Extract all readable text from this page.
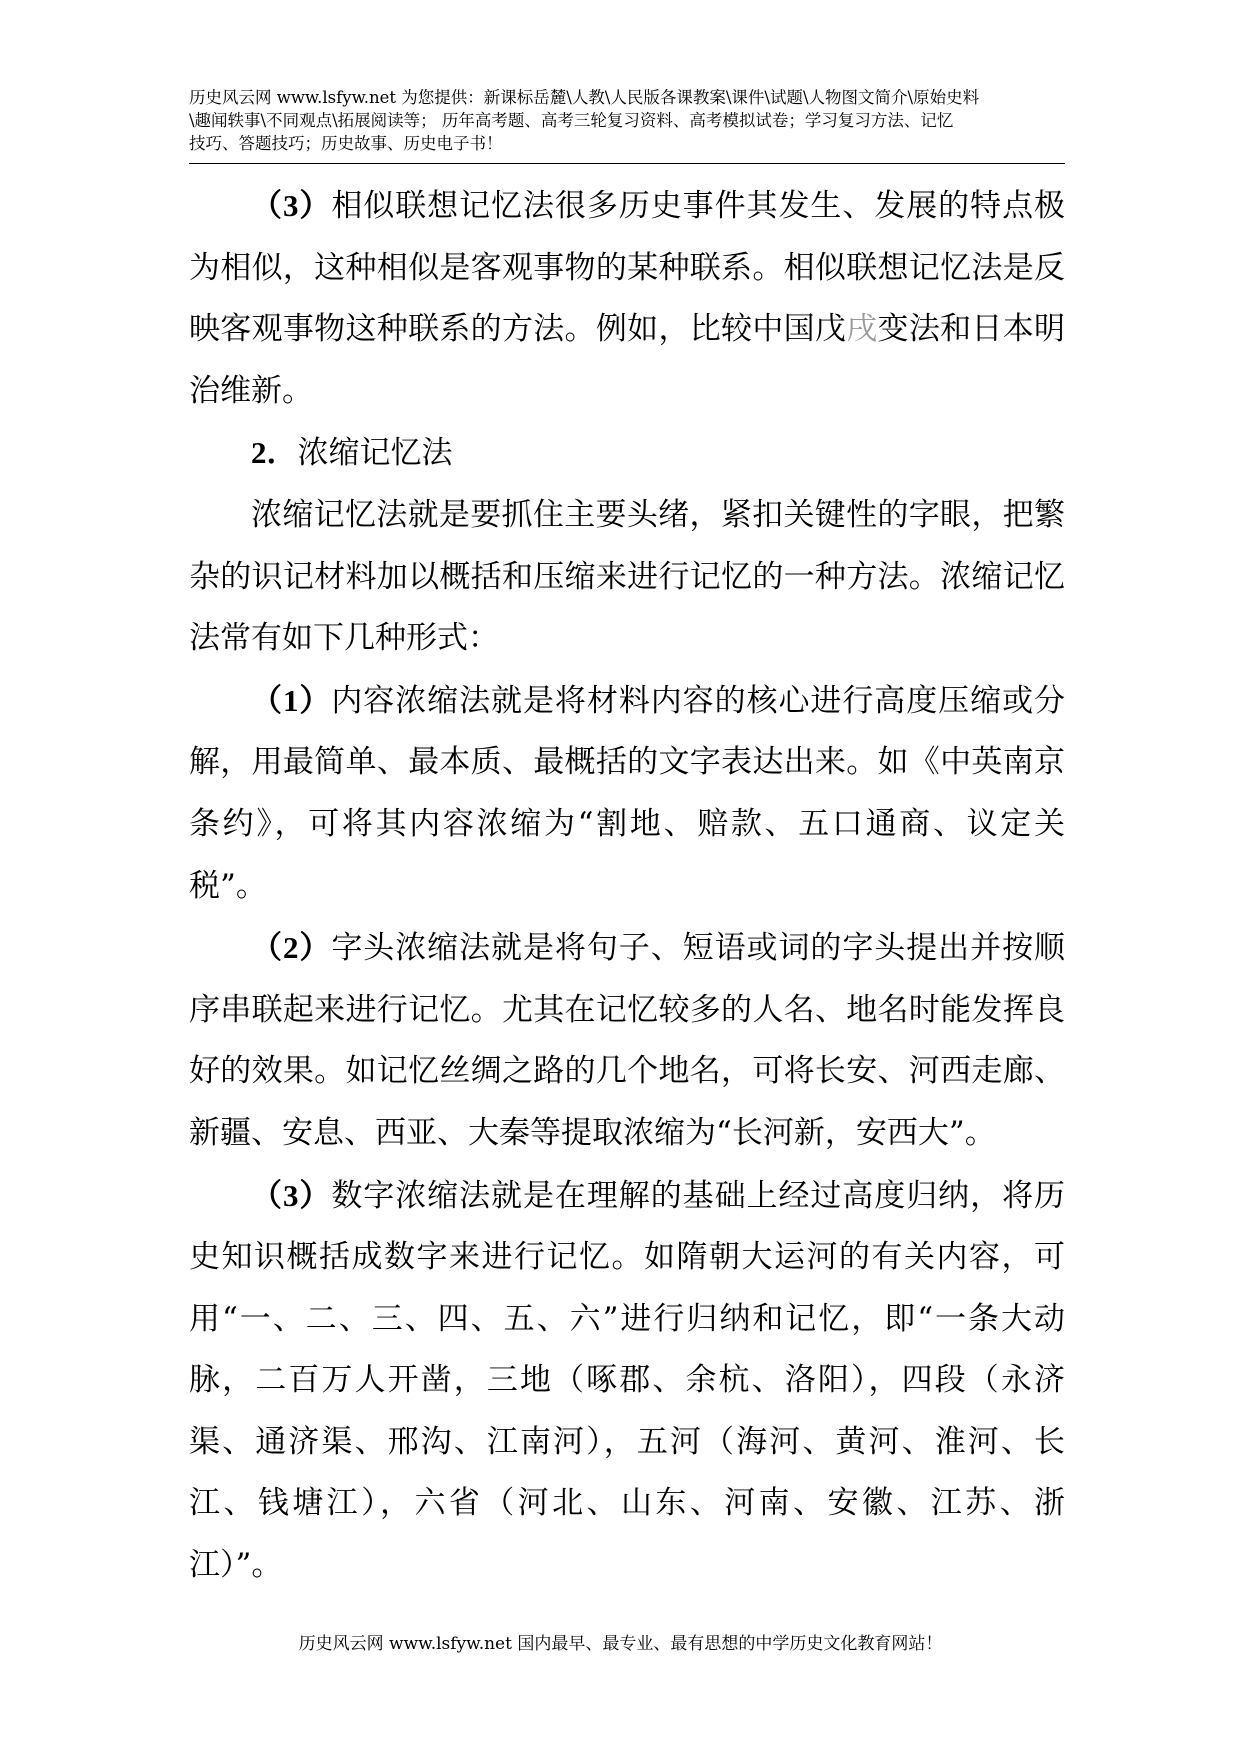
历史风云网 www.lsfyw.net 为您提供：新课标岳麓\人教\人民版各课教案\课件\试题\人物图文简介\原始史料
\趣闻轶事\不同观点\拓展阅读等； 历年高考题、高考三轮复习资料、高考模拟试卷；学习复习方法、记忆
技巧、答题技巧；历史故事、历史电子书！

（3）相似联想记忆法很多历史事件其发生、发展的特点极为相似，这种相似是客观事物的某种联系。相似联想记忆法是反映客观事物这种联系的方法。例如，比较中国戊戌变法和日本明治维新。

2．浓缩记忆法

浓缩记忆法就是要抓住主要头绪，紧扣关键性的字眼，把繁杂的识记材料加以概括和压缩来进行记忆的一种方法。浓缩记忆法常有如下几种形式：

（1）内容浓缩法就是将材料内容的核心进行高度压缩或分解，用最简单、最本质、最概括的文字表达出来。如《中英南京条约》，可将其内容浓缩为“割地、赔款、五口通商、议定关税”。

（2）字头浓缩法就是将句子、短语或词的字头提出并按顺序串联起来进行记忆。尤其在记忆较多的人名、地名时能发挥良好的效果。如记忆丝绸之路的几个地名，可将长安、河西走廊、新疆、安息、西亚、大秦等提取浓缩为“长河新，安西大”。

（3）数字浓缩法就是在理解的基础上经过高度归纳，将历史知识概括成数字来进行记忆。如隋朝大运河的有关内容，可用“一、二、三、四、五、六”进行归纳和记忆，即“一条大动脉，二百万人开凿，三地（啄郡、余杭、洛阳），四段（永济渠、通济渠、邢沟、江南河），五河（海河、黄河、淮河、长江、钱塘江），六省（河北、山东、河南、安徽、江苏、浙江）”。

历史风云网 www.lsfyw.net 国内最早、最专业、最有思想的中学历史文化教育网站！
